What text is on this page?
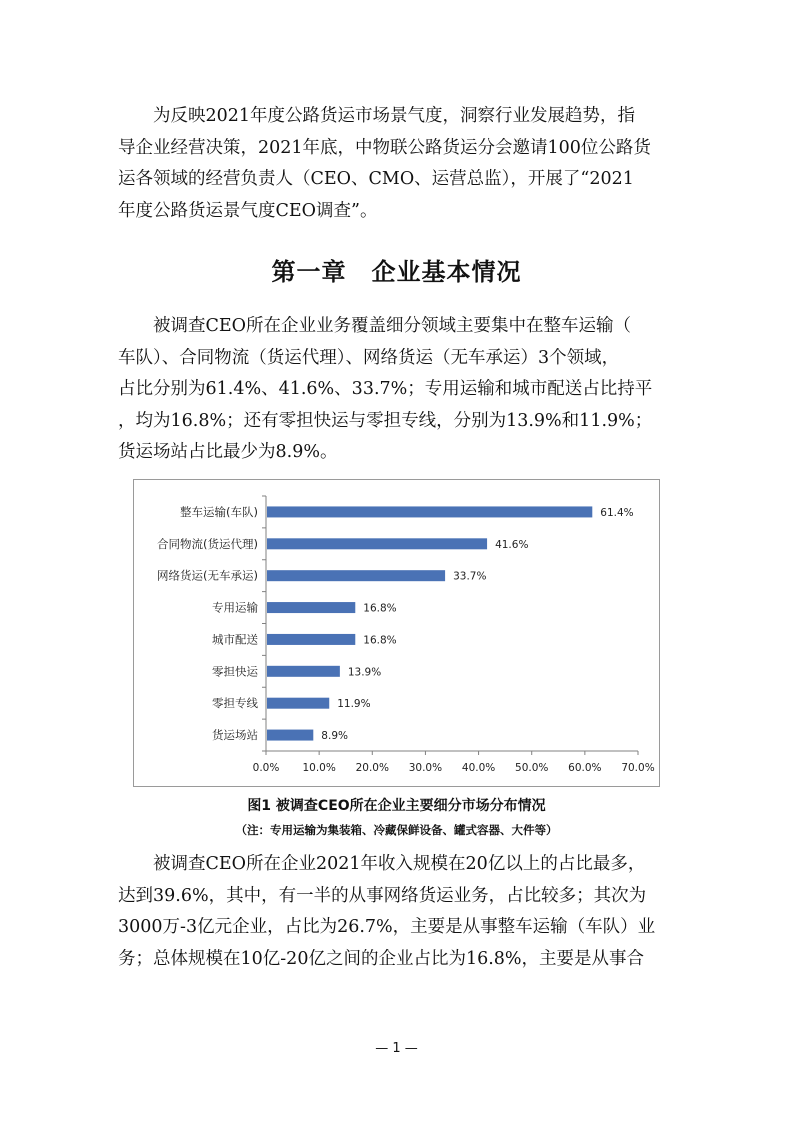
　　为反映2021年度公路货运市场景气度，洞察行业发展趋势，指
导企业经营决策，2021年底，中物联公路货运分会邀请100位公路货
运各领域的经营负责人（CEO、CMO、运营总监），开展了“2021
年度公路货运景气度CEO调查”。
第一章　企业基本情况
　　被调查CEO所在企业业务覆盖细分领域主要集中在整车运输（
车队）、合同物流（货运代理）、网络货运（无车承运）3个领域，
占比分别为61.4%、41.6%、33.7%；专用运输和城市配送占比持平
，均为16.8%；还有零担快运与零担专线，分别为13.9%和11.9%；
货运场站占比最少为8.9%。
整车运输(车队)	61.4%
合同物流(货运代理)	41.6%
网络货运(无车承运)	33.7%
专用运输	16.8%
城市配送	16.8%
零担快运	13.9%
零担专线	11.9%
货运场站	8.9%
0.0% 10.0% 20.0% 30.0% 40.0% 50.0% 60.0% 70.0%

图1 被调查CEO所在企业主要细分市场分布情况

（注：专用运输为集装箱、冷藏保鲜设备、罐式容器、大件等）

　　被调查CEO所在企业2021年收入规模在20亿以上的占比最多，
达到39.6%，其中，有一半的从事网络货运业务，占比较多；其次为
3000万-3亿元企业，占比为26.7%，主要是从事整车运输（车队）业
务；总体规模在10亿-20亿之间的企业占比为16.8%，主要是从事合

— 1 —
